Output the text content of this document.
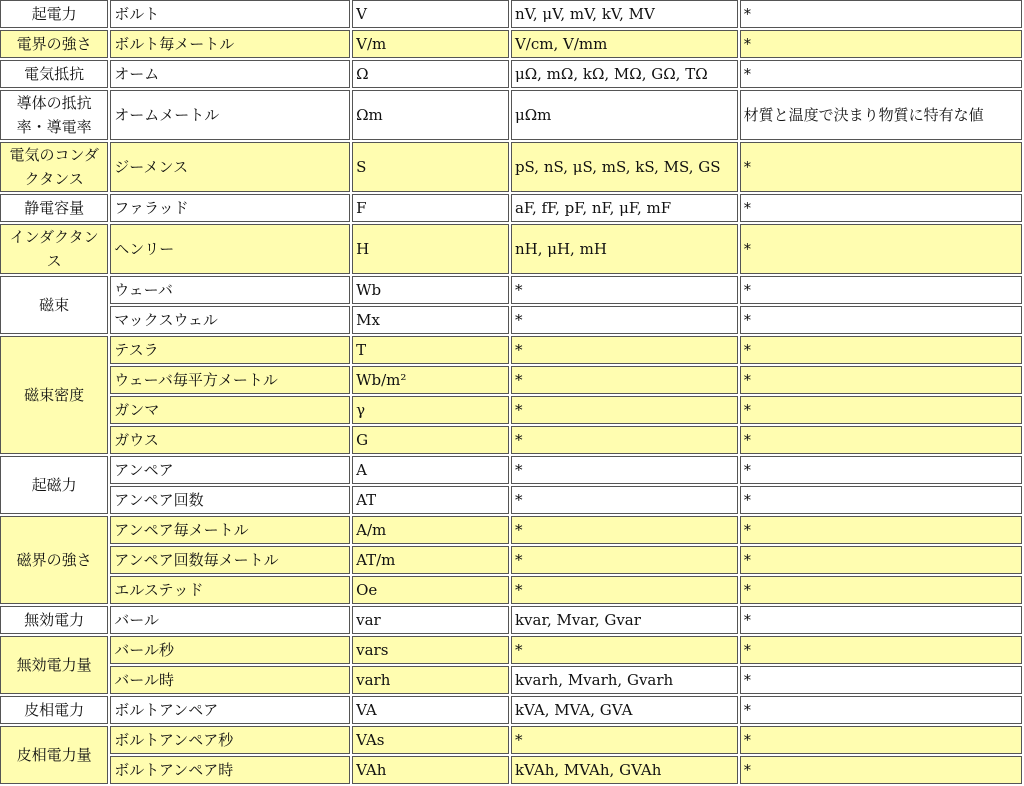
起電力	ボルト	V	nV, μV, mV, kV, MV	*
電界の強さ	ボルト毎メートル	V/m	V/cm, V/mm	*
電気抵抗	オーム	Ω	μΩ, mΩ, kΩ, MΩ, GΩ, TΩ	*
導体の抵抗率・導電率	オームメートル	Ωm	μΩm	材質と温度で決まり物質に特有な値
電気のコンダクタンス	ジーメンス	S	pS, nS, μS, mS, kS, MS, GS	*
静電容量	ファラッド	F	aF, fF, pF, nF, μF, mF	*
インダクタンス	ヘンリー	H	nH, μH, mH	*
磁束	ウェーバ	Wb	*	*
	マックスウェル	Mx	*	*
磁束密度	テスラ	T	*	*
	ウェーバ毎平方メートル	Wb/m²	*	*
	ガンマ	γ	*	*
	ガウス	G	*	*
起磁力	アンペア	A	*	*
	アンペア回数	AT	*	*
磁界の強さ	アンペア毎メートル	A/m	*	*
	アンペア回数毎メートル	AT/m	*	*
	エルステッド	Oe	*	*
無効電力	バール	var	kvar, Mvar, Gvar	*
無効電力量	バール秒	vars	*	*
	バール時	varh	kvarh, Mvarh, Gvarh	*
皮相電力	ボルトアンペア	VA	kVA, MVA, GVA	*
皮相電力量	ボルトアンペア秒	VAs	*	*
	ボルトアンペア時	VAh	kVAh, MVAh, GVAh	*
